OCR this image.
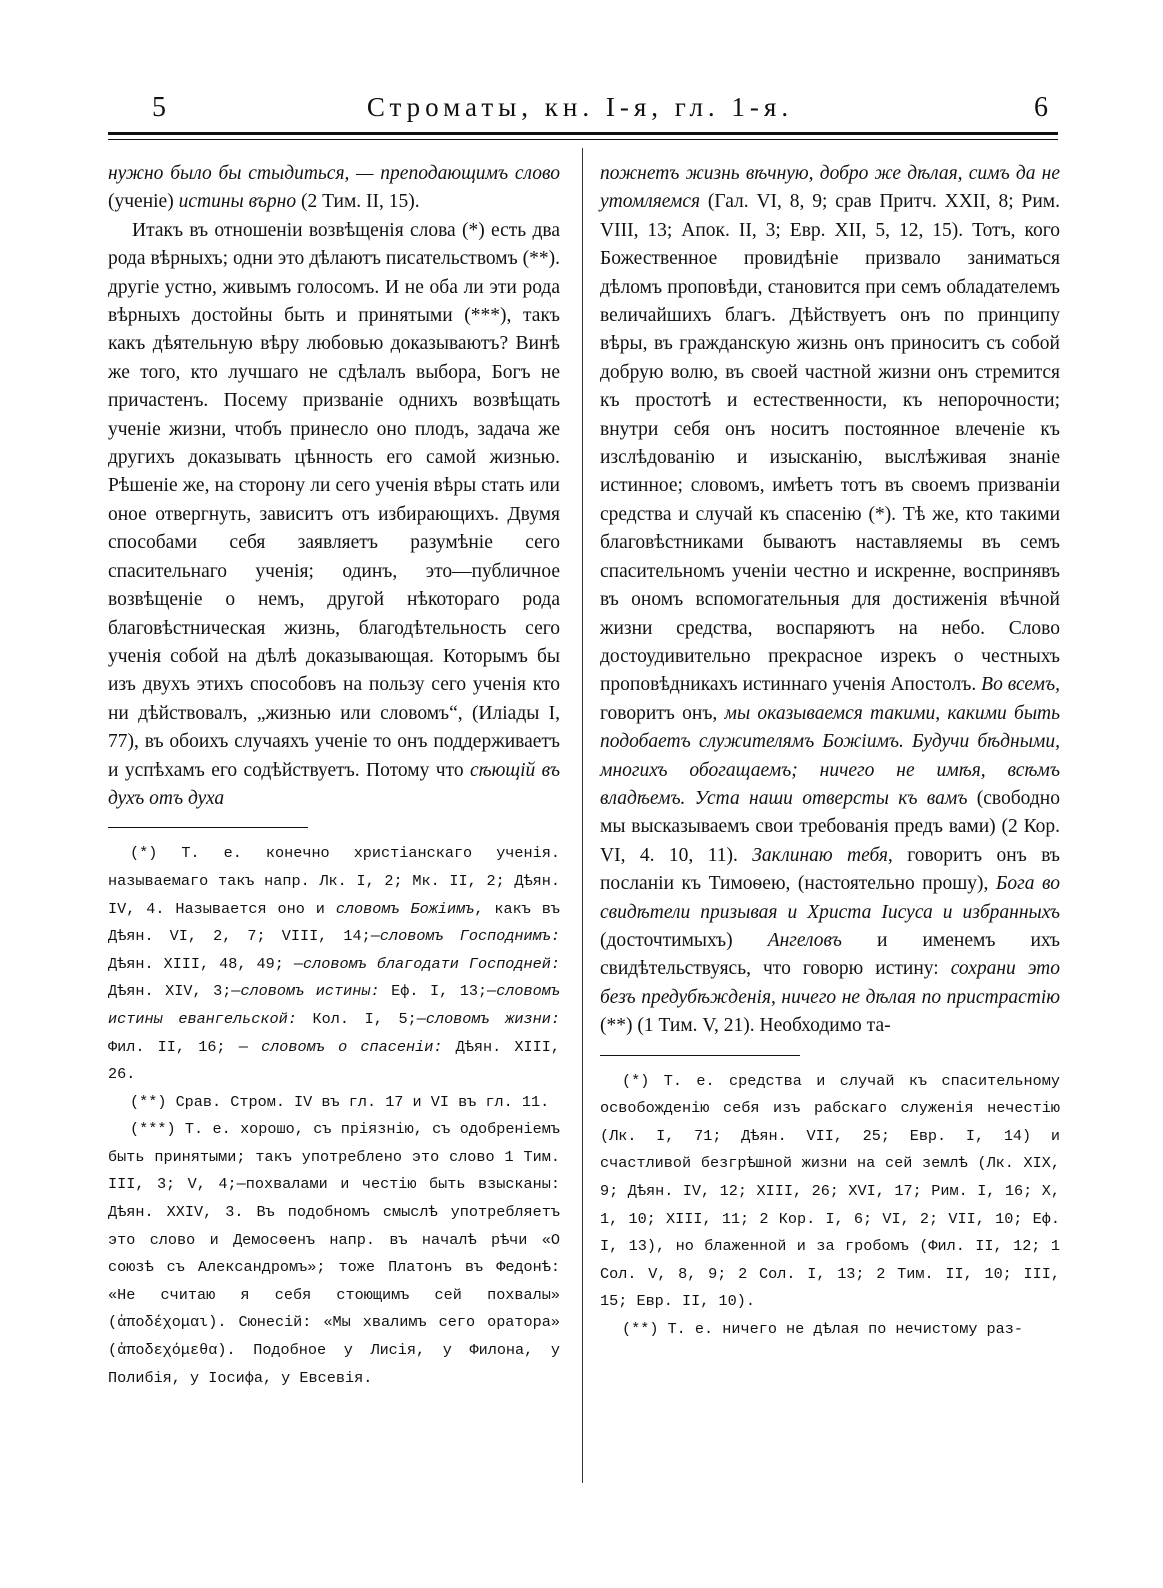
5	Строматы, кн. I-я, гл. 1-я.	6

нужно было бы стыдиться, — преподающимъ слово (ученіе) истины върно (2 Тим. II, 15).

Итакъ въ отношеніи возвѣщенія слова (*) есть два рода вѣрныхъ; одни это дѣлаютъ писательствомъ (**). другіе устно, живымъ голосомъ. И не оба ли эти рода вѣрныхъ достойны быть и принятыми (***), такъ какъ дѣятельную вѣру любовью доказываютъ? Винѣ же того, кто лучшаго не сдѣлалъ выбора, Богъ не причастенъ. Посему призваніе однихъ возвѣщать ученіе жизни, чтобъ принесло оно плодъ, задача же другихъ доказывать цѣнность его самой жизнью. Рѣшеніе же, на сторону ли сего ученія вѣры стать или оное отвергнуть, зависитъ отъ избирающихъ. Двумя способами себя заявляетъ разумѣніе сего спасительнаго ученія; одинъ, это—публичное возвѣщеніе о немъ, другой нѣкотораго рода благовѣстническая жизнь, благодѣтельность сего ученія собой на дѣлѣ доказывающая. Которымъ бы изъ двухъ этихъ способовъ на пользу сего ученія кто ни дѣйствовалъ, „жизнью или словомъ“, (Иліады I, 77), въ обоихъ случаяхъ ученіе то онъ поддерживаетъ и успѣхамъ его содѣйствуетъ. Потому что сѣющій въ духъ отъ духа

(*) Т. е. конечно христіанскаго ученія. называемаго такъ напр. Лк. I, 2; Мк. II, 2; Дѣян. IV, 4. Называется оно и словомъ Божіимъ, какъ въ Дѣян. VI, 2, 7; VIII, 14;—словомъ Господнимъ: Дѣян. XIII, 48, 49; —словомъ благодати Господней: Дѣян. XIV, 3;—словомъ истины: Еф. I, 13;—словомъ истины евангельской: Кол. I, 5;—словомъ жизни: Фил. II, 16; — словомъ о спасеніи: Дѣян. XIII, 26.

(**) Срав. Стром. IV въ гл. 17 и VI въ гл. 11.

(***) Т. е. хорошо, съ пріязнію, съ одобреніемъ быть принятыми; такъ употреблено это слово 1 Тим. III, 3; V, 4;—похвалами и честію быть взысканы: Дѣян. XXIV, 3. Въ подобномъ смыслѣ употребляетъ это слово и Демосѳенъ напр. въ началѣ рѣчи «О союзѣ съ Александромъ»; тоже Платонъ въ Федонѣ: «Не считаю я себя стоющимъ сей похвалы» (ἀποδέχομαι). Сюнесій: «Мы хвалимъ сего оратора» (ἀποδεχόμεθα). Подобное у Лисія, у Филона, у Полибія, у Іосифа, у Евсевія.

пожнетъ жизнь вѣчную, добро же дѣлая, симъ да не утомляемся (Гал. VI, 8, 9; срав Притч. XXII, 8; Рим. VIII, 13; Апок. II, 3; Евр. XII, 5, 12, 15). Тотъ, кого Божественное провидѣніе призвало заниматься дѣломъ проповѣди, становится при семъ обладателемъ величайшихъ благъ. Дѣйствуетъ онъ по принципу вѣры, въ гражданскую жизнь онъ приноситъ съ собой добрую волю, въ своей частной жизни онъ стремится къ простотѣ и естественности, къ непорочности; внутри себя онъ носитъ постоянное влеченіе къ изслѣдованію и изысканію, выслѣживая знаніе истинное; словомъ, имѣетъ тотъ въ своемъ призваніи средства и случай къ спасенію (*). Тѣ же, кто такими благовѣстниками бываютъ наставляемы въ семъ спасительномъ ученіи честно и искренне, воспринявъ въ ономъ вспомогательныя для достиженія вѣчной жизни средства, воспаряютъ на небо. Слово достоудивительно прекрасное изрекъ о честныхъ проповѣдникахъ истиннаго ученія Апостолъ. Во всемъ, говоритъ онъ, мы оказываемся такими, какими быть подобаетъ служителямъ Божіимъ. Будучи бѣдными, многихъ обогащаемъ; ничего не имѣя, всѣмъ владѣемъ. Уста наши отверсты къ вамъ (свободно мы высказываемъ свои требованія предъ вами) (2 Кор. VI, 4. 10, 11). Заклинаю тебя, говоритъ онъ въ посланіи къ Тимоѳею, (настоятельно прошу), Бога во свидѣтели призывая и Христа Іисуса и избранныхъ (досточтимыхъ) Ангеловъ и именемъ ихъ свидѣтельствуясь, что говорю истину: сохрани это безъ предубѣжденія, ничего не дѣлая по пристрастію (**) (1 Тим. V, 21). Необходимо та-

(*) Т. е. средства и случай къ спасительному освобожденію себя изъ рабскаго служенія нечестію (Лк. I, 71; Дѣян. VII, 25; Евр. I, 14) и счастливой безгрѣшной жизни на сей землѣ (Лк. XIX, 9; Дѣян. IV, 12; XIII, 26; XVI, 17; Рим. I, 16; X, 1, 10; XIII, 11; 2 Кор. I, 6; VI, 2; VII, 10; Еф. I, 13), но блаженной и за гробомъ (Фил. II, 12; 1 Сол. V, 8, 9; 2 Сол. I, 13; 2 Тим. II, 10; III, 15; Евр. II, 10).

(**) Т. е. ничего не дѣлая по нечистому раз-
